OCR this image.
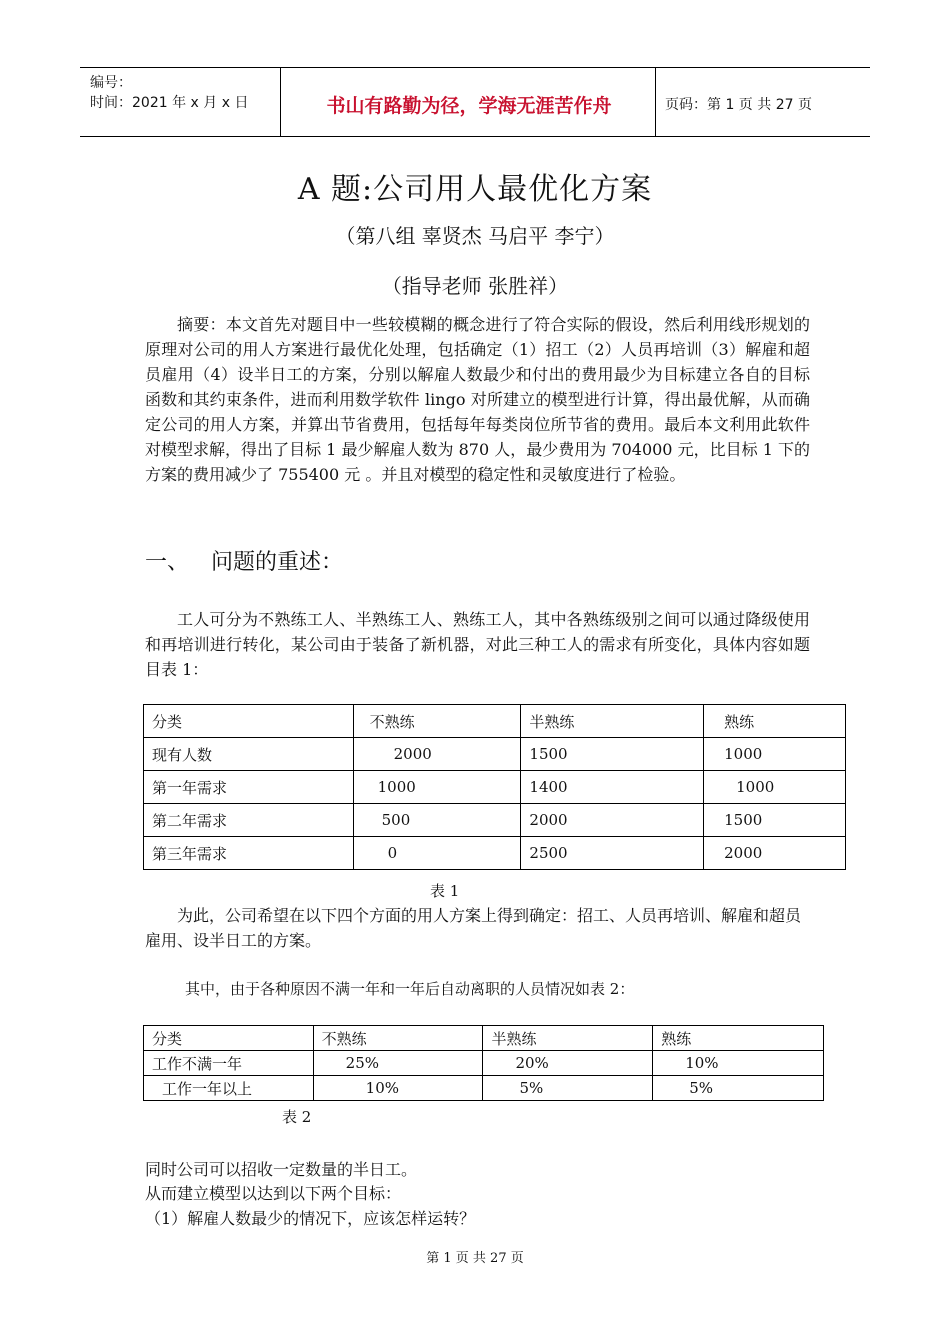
编号：
时间：2021 年 x 月 x 日	书山有路勤为径，学海无涯苦作舟	页码：第 1 页 共 27 页
A 题:公司用人最优化方案
（第八组 辜贤杰 马启平 李宁）
（指导老师 张胜祥）

摘要：本文首先对题目中一些较模糊的概念进行了符合实际的假设，然后利用线形规划的原理对公司的用人方案进行最优化处理，包括确定（1）招工（2）人员再培训（3）解雇和超员雇用（4）设半日工的方案，分别以解雇人数最少和付出的费用最少为目标建立各自的目标函数和其约束条件，进而利用数学软件 lingo 对所建立的模型进行计算，得出最优解，从而确定公司的用人方案，并算出节省费用，包括每年每类岗位所节省的费用。最后本文利用此软件对模型求解，得出了目标 1 最少解雇人数为 870 人，最少费用为 704000 元，比目标 1 下的方案的费用减少了 755400 元 。并且对模型的稳定性和灵敏度进行了检验。

一、 问题的重述：

工人可分为不熟练工人、半熟练工人、熟练工人，其中各熟练级别之间可以通过降级使用和再培训进行转化，某公司由于装备了新机器，对此三种工人的需求有所变化，具体内容如题目表 1：

分类	不熟练	半熟练	熟练
现有人数	2000	1500	1000
第一年需求	1000	1400	1000
第二年需求	500	2000	1500
第三年需求	0	2500	2000
表 1

为此，公司希望在以下四个方面的用人方案上得到确定：招工、人员再培训、解雇和超员雇用、设半日工的方案。

其中，由于各种原因不满一年和一年后自动离职的人员情况如表 2：
分类	不熟练	半熟练	熟练
工作不满一年	25%	20%	10%
工作一年以上	10%	5%	5%
表 2
同时公司可以招收一定数量的半日工。
从而建立模型以达到以下两个目标：
（1）解雇人数最少的情况下，应该怎样运转？
第 1 页 共 27 页
